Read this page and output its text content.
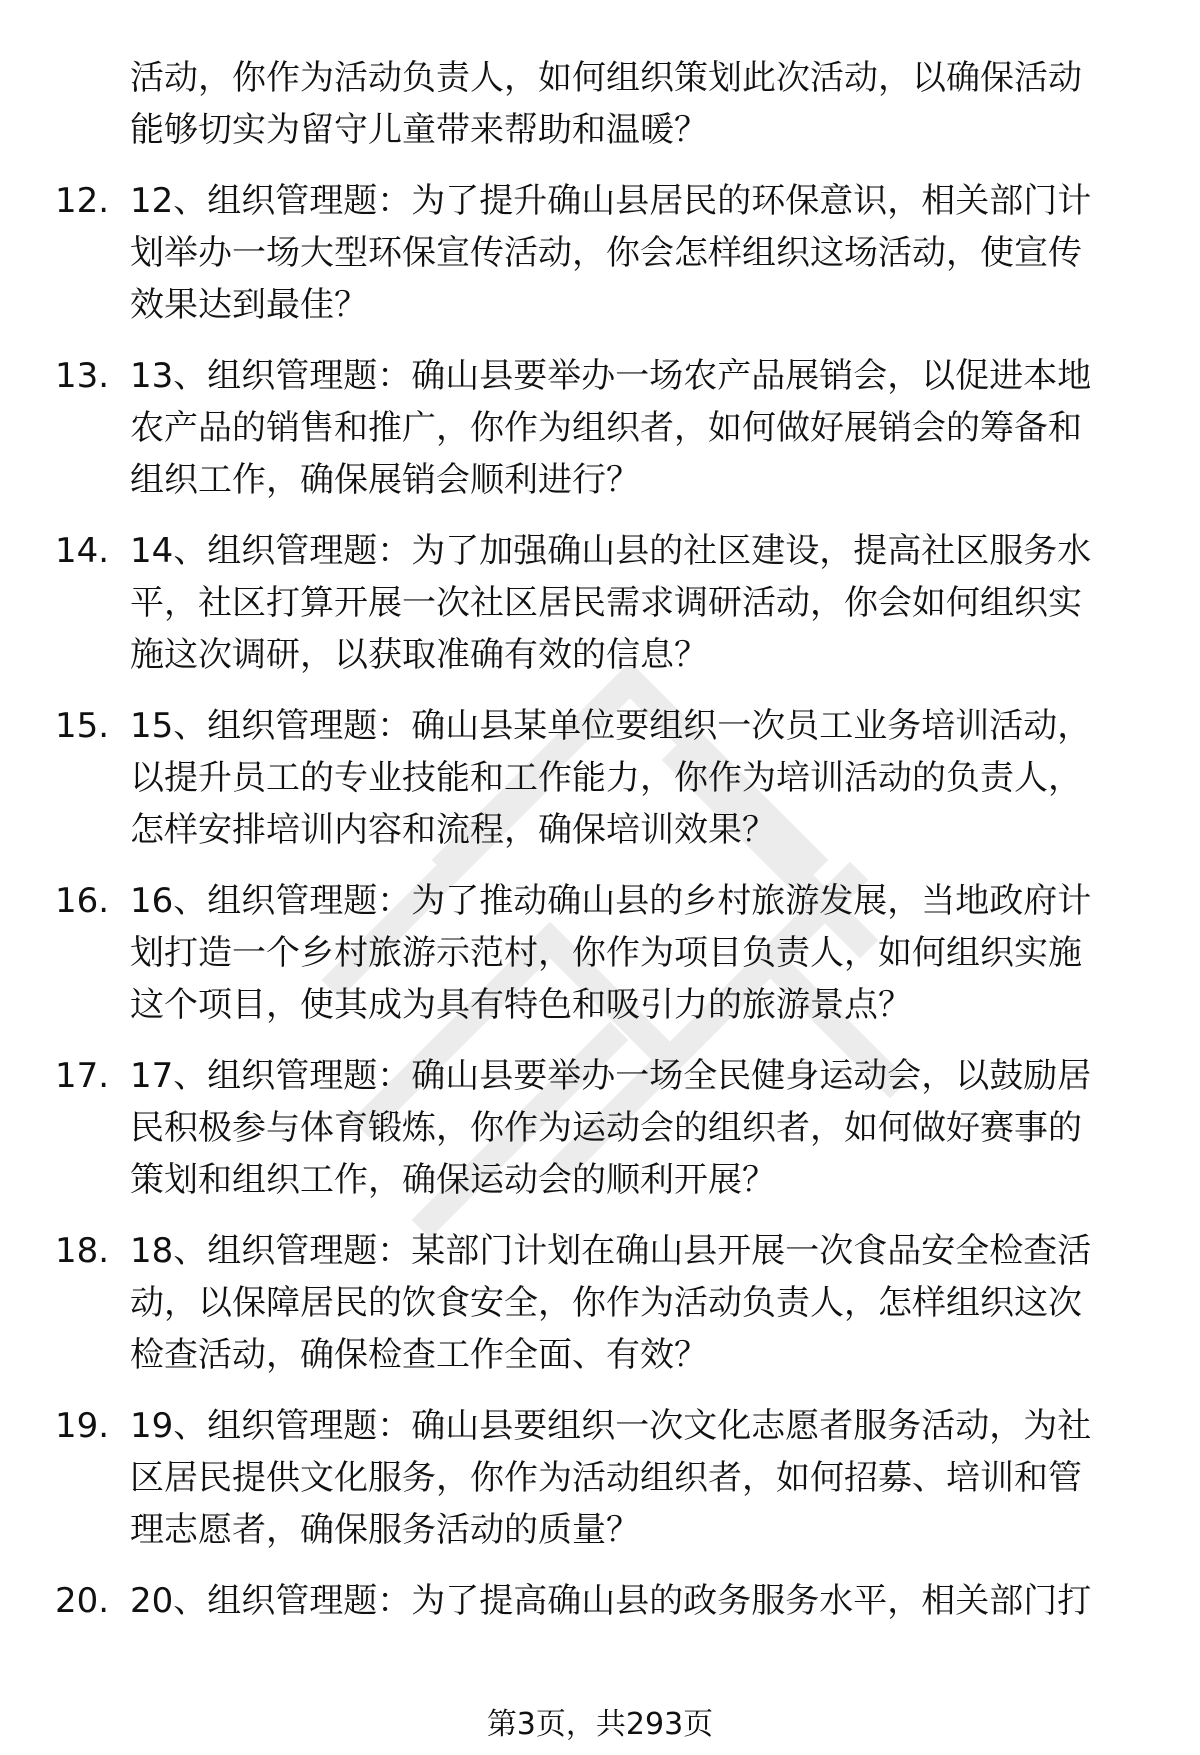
活动，你作为活动负责人，如何组织策划此次活动，以确保活动
能够切实为留守儿童带来帮助和温暖？
12. 12、组织管理题：为了提升确山县居民的环保意识，相关部门计
划举办一场大型环保宣传活动，你会怎样组织这场活动，使宣传
效果达到最佳？
13. 13、组织管理题：确山县要举办一场农产品展销会，以促进本地
农产品的销售和推广，你作为组织者，如何做好展销会的筹备和
组织工作，确保展销会顺利进行？
14. 14、组织管理题：为了加强确山县的社区建设，提高社区服务水
平，社区打算开展一次社区居民需求调研活动，你会如何组织实
施这次调研，以获取准确有效的信息？
15. 15、组织管理题：确山县某单位要组织一次员工业务培训活动，
以提升员工的专业技能和工作能力，你作为培训活动的负责人，
怎样安排培训内容和流程，确保培训效果？
16. 16、组织管理题：为了推动确山县的乡村旅游发展，当地政府计
划打造一个乡村旅游示范村，你作为项目负责人，如何组织实施
这个项目，使其成为具有特色和吸引力的旅游景点？
17. 17、组织管理题：确山县要举办一场全民健身运动会，以鼓励居
民积极参与体育锻炼，你作为运动会的组织者，如何做好赛事的
策划和组织工作，确保运动会的顺利开展？
18. 18、组织管理题：某部门计划在确山县开展一次食品安全检查活
动，以保障居民的饮食安全，你作为活动负责人，怎样组织这次
检查活动，确保检查工作全面、有效？
19. 19、组织管理题：确山县要组织一次文化志愿者服务活动，为社
区居民提供文化服务，你作为活动组织者，如何招募、培训和管
理志愿者，确保服务活动的质量？
20. 20、组织管理题：为了提高确山县的政务服务水平，相关部门打
第3页，共293页
